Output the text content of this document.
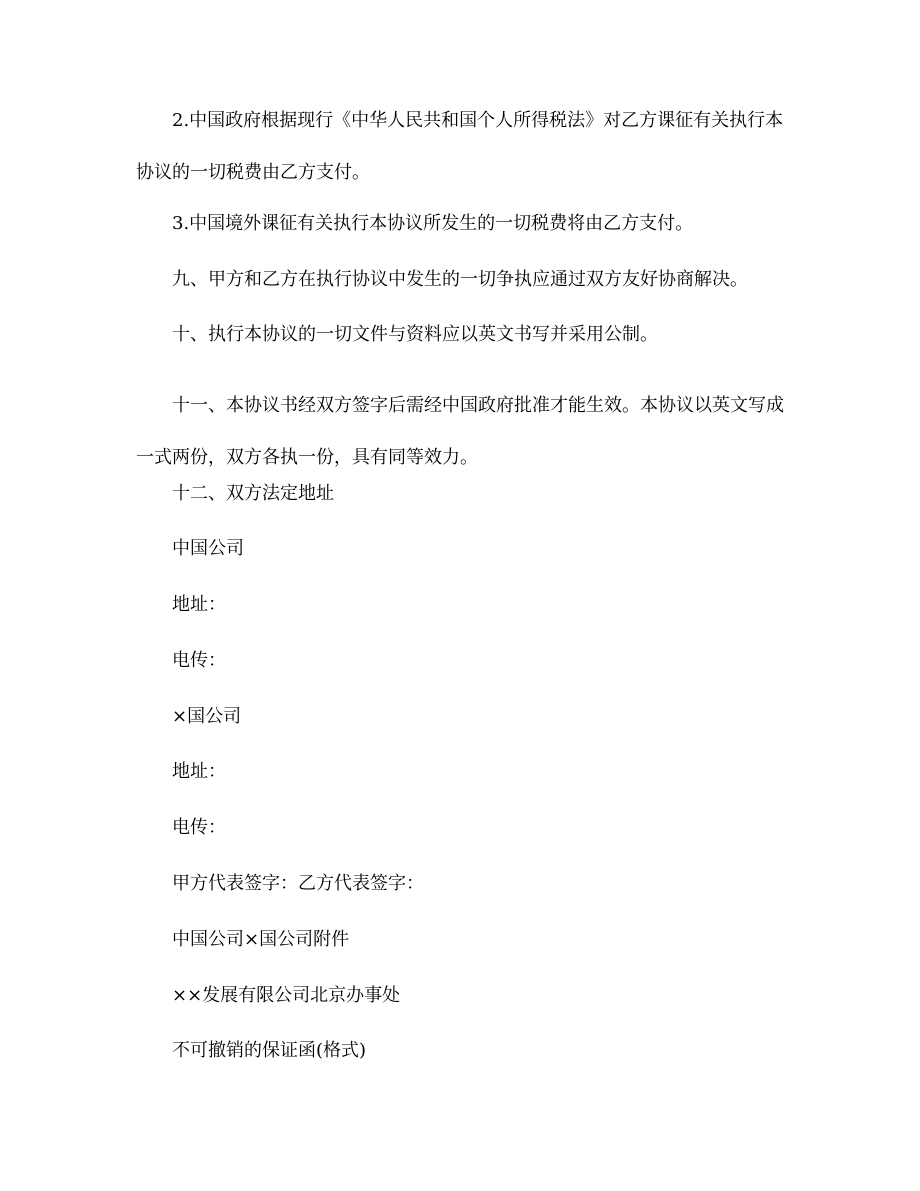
2.中国政府根据现行《中华人民共和国个人所得税法》对乙方课征有关执行本协议的一切税费由乙方支付。

3.中国境外课征有关执行本协议所发生的一切税费将由乙方支付。

九、甲方和乙方在执行协议中发生的一切争执应通过双方友好协商解决。

十、执行本协议的一切文件与资料应以英文书写并采用公制。

十一、本协议书经双方签字后需经中国政府批准才能生效。本协议以英文写成一式两份，双方各执一份，具有同等效力。

十二、双方法定地址

中国公司

地址：

电传：

×国公司

地址：

电传：

甲方代表签字：乙方代表签字：

中国公司×国公司附件

××发展有限公司北京办事处

不可撤销的保证函(格式)
